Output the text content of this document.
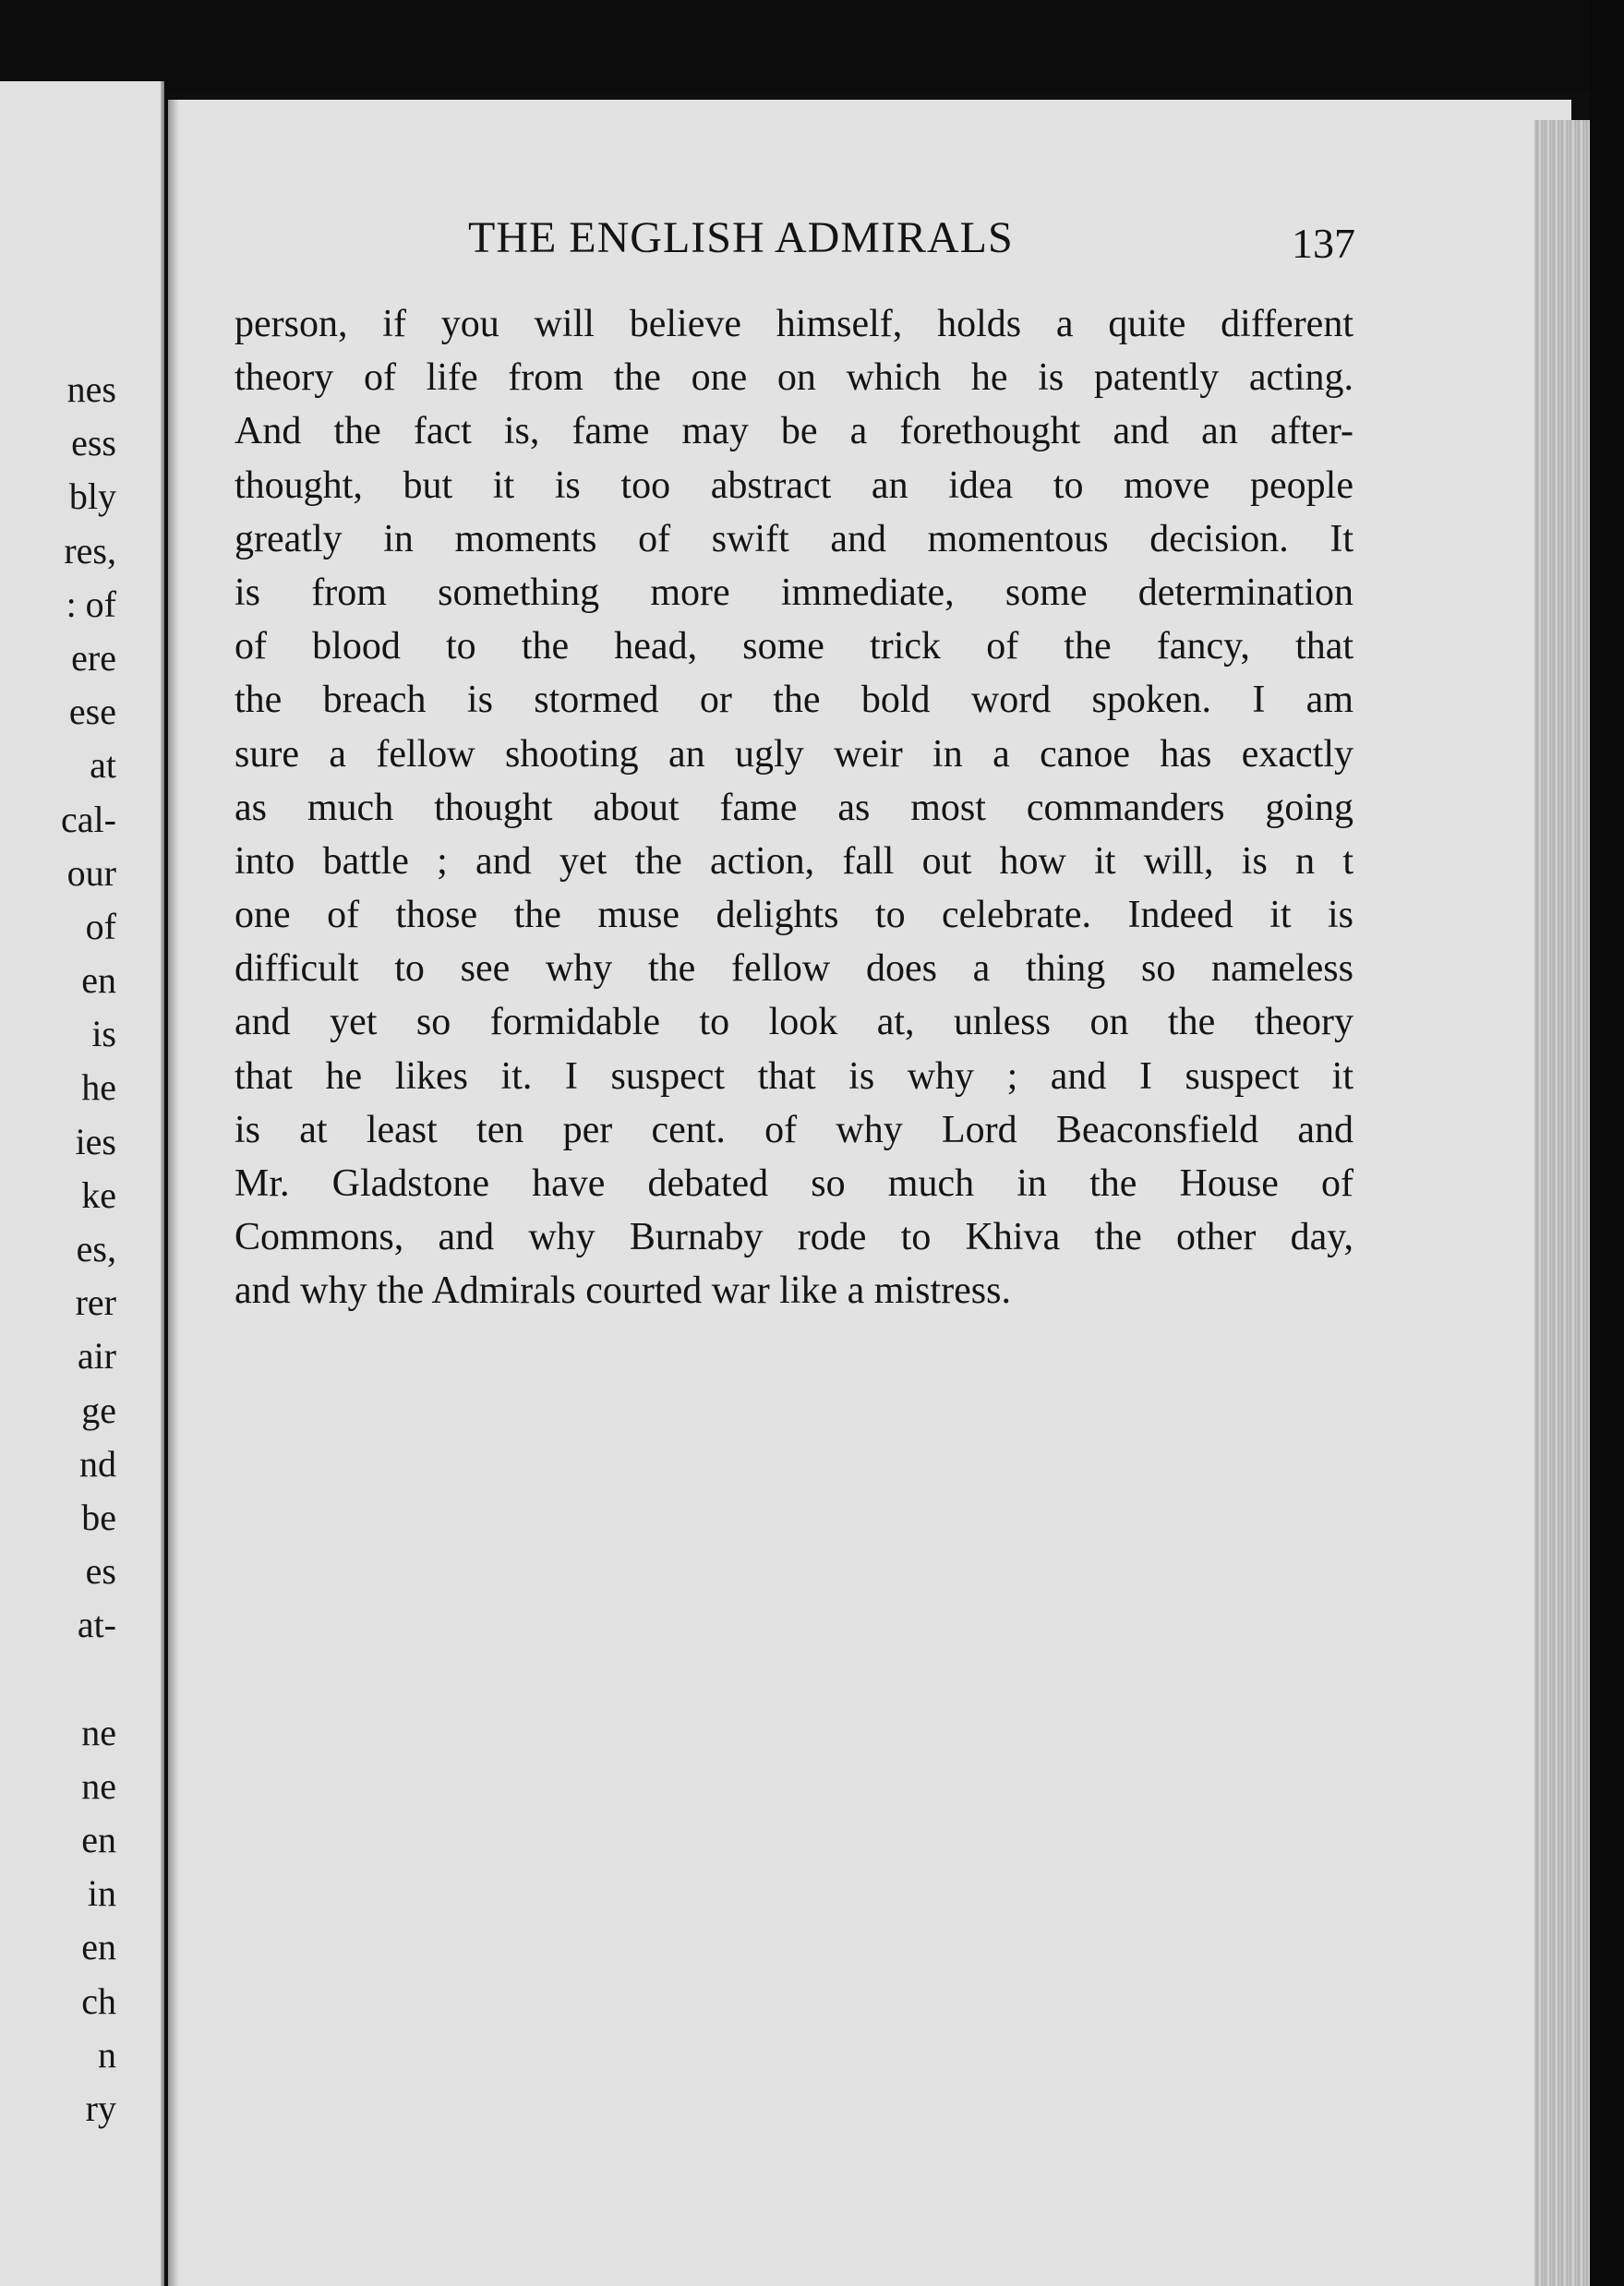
nes
ess
bly
res,
: of
ere
ese
at
cal-
our
of
en
is
he
ies
ke
es,
rer
air
ge
nd
be
es
at-
ne
ne
en
in
en
ch
n
ry
THE ENGLISH ADMIRALS	137
person, if you will believe himself, holds a quite different
theory of life from the one on which he is patently acting.
And the fact is, fame may be a forethought and an after-
thought, but it is too abstract an idea to move people
greatly in moments of swift and momentous decision. It
is from something more immediate, some determination
of blood to the head, some trick of the fancy, that
the breach is stormed or the bold word spoken. I am
sure a fellow shooting an ugly weir in a canoe has exactly
as much thought about fame as most commanders going
into battle ; and yet the action, fall out how it will, is n t
one of those the muse delights to celebrate. Indeed it is
difficult to see why the fellow does a thing so nameless
and yet so formidable to look at, unless on the theory
that he likes it. I suspect that is why ; and I suspect it
is at least ten per cent. of why Lord Beaconsfield and
Mr. Gladstone have debated so much in the House of
Commons, and why Burnaby rode to Khiva the other day,
and why the Admirals courted war like a mistress.
